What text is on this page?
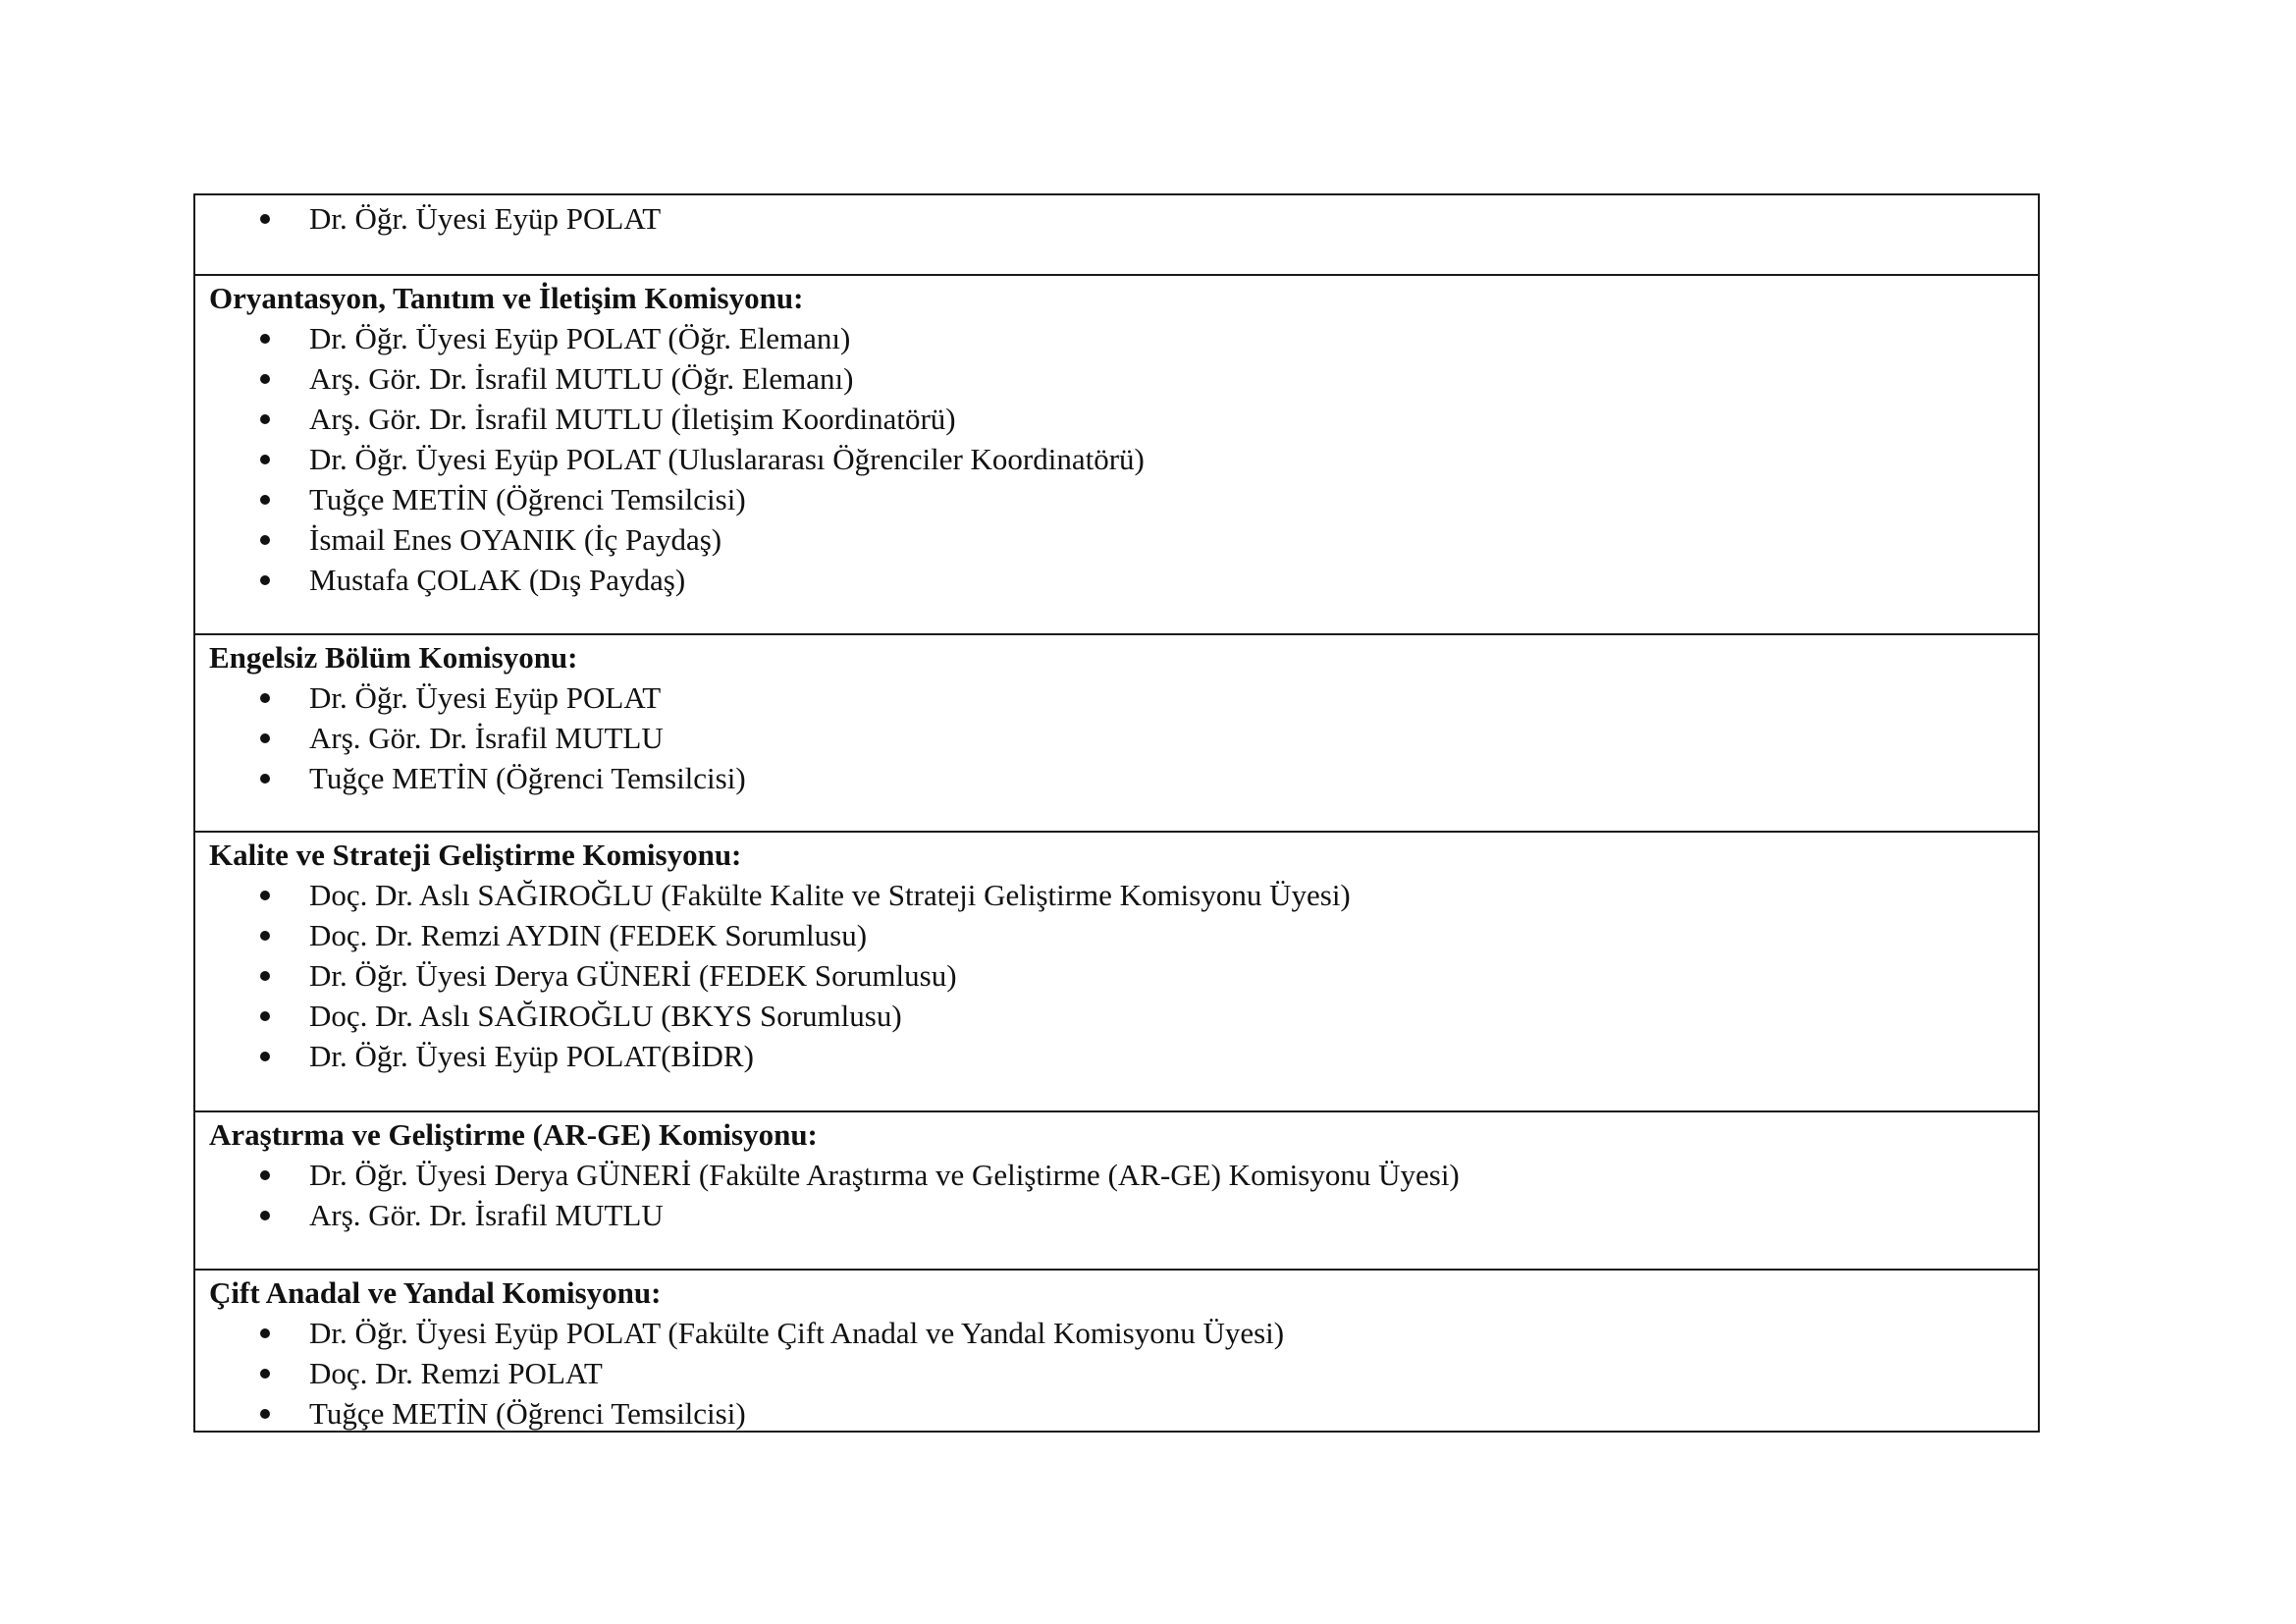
Dr. Öğr. Üyesi Eyüp POLAT

Oryantasyon, Tanıtım ve İletişim Komisyonu:

Dr. Öğr. Üyesi Eyüp POLAT (Öğr. Elemanı)
Arş. Gör. Dr. İsrafil MUTLU (Öğr. Elemanı)
Arş. Gör. Dr. İsrafil MUTLU (İletişim Koordinatörü)
Dr. Öğr. Üyesi Eyüp POLAT (Uluslararası Öğrenciler Koordinatörü)
Tuğçe METİN (Öğrenci Temsilcisi)
İsmail Enes OYANIK (İç Paydaş)
Mustafa ÇOLAK (Dış Paydaş)

Engelsiz Bölüm Komisyonu:

Dr. Öğr. Üyesi Eyüp POLAT
Arş. Gör. Dr. İsrafil MUTLU
Tuğçe METİN (Öğrenci Temsilcisi)

Kalite ve Strateji Geliştirme Komisyonu:

Doç. Dr. Aslı SAĞIROĞLU (Fakülte Kalite ve Strateji Geliştirme Komisyonu Üyesi)
Doç. Dr. Remzi AYDIN (FEDEK Sorumlusu)
Dr. Öğr. Üyesi Derya GÜNERİ (FEDEK Sorumlusu)
Doç. Dr. Aslı SAĞIROĞLU (BKYS Sorumlusu)
Dr. Öğr. Üyesi Eyüp POLAT(BİDR)

Araştırma ve Geliştirme (AR-GE) Komisyonu:

Dr. Öğr. Üyesi Derya GÜNERİ (Fakülte Araştırma ve Geliştirme (AR-GE) Komisyonu Üyesi)
Arş. Gör. Dr. İsrafil MUTLU

Çift Anadal ve Yandal Komisyonu:

Dr. Öğr. Üyesi Eyüp POLAT (Fakülte Çift Anadal ve Yandal Komisyonu Üyesi)
Doç. Dr. Remzi POLAT
Tuğçe METİN (Öğrenci Temsilcisi)
